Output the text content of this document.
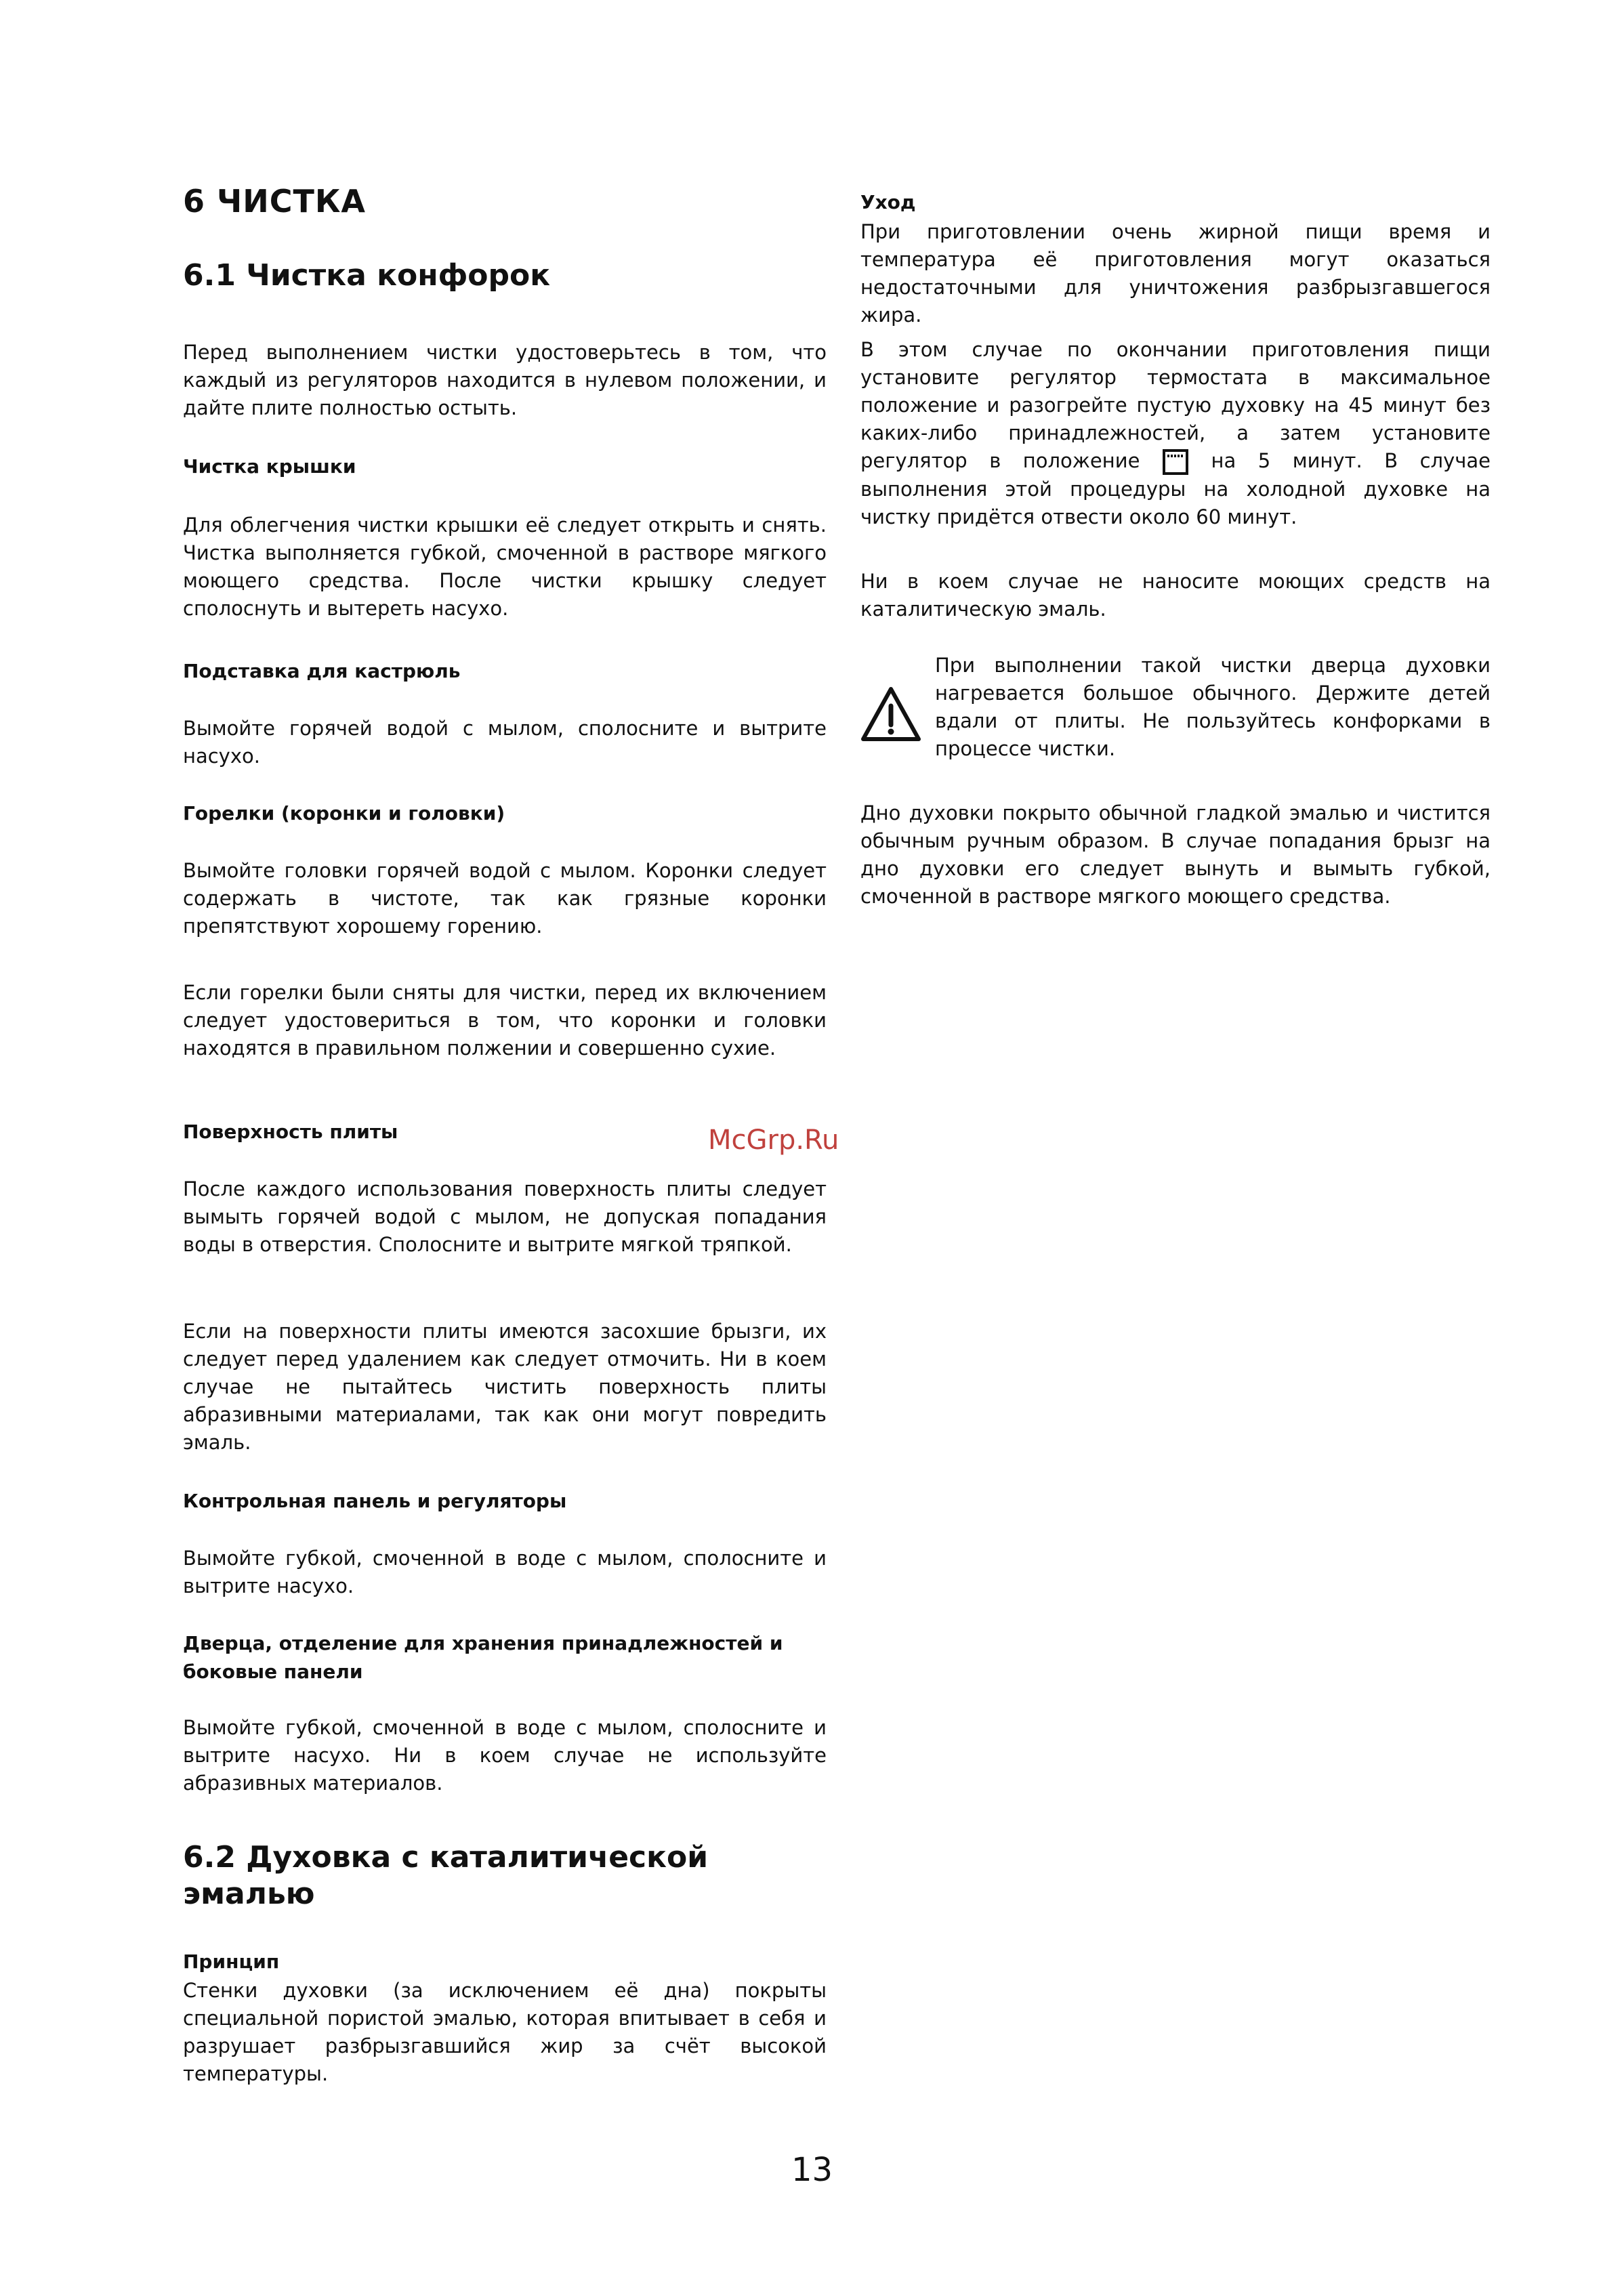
6 ЧИСТКА
6.1 Чистка конфорок

Перед выполнением чистки удостоверьтесь в том, что каждый из регуляторов находится в нулевом положении, и дайте плите полностью остыть.

Чистка крышки

Для облегчения чистки крышки её следует открыть и снять. Чистка выполняется губкой, смоченной в растворе мягкого моющего средства. После чистки крышку следует сполоснуть и вытереть насухо.

Подставка для кастрюль

Вымойте горячей водой с мылом, сполосните и вытрите насухо.

Горелки (коронки и головки)

Вымойте головки горячей водой с мылом. Коронки следует содержать в чистоте, так как грязные коронки препятствуют хорошему горению.

Если горелки были сняты для чистки, перед их включением следует удостовериться в том, что коронки и головки находятся в правильном полжении и совершенно сухие.

Поверхность плиты

После каждого использования поверхность плиты следует вымыть горячей водой с мылом, не допуская попадания воды в отверстия. Сполосните и вытрите мягкой тряпкой.

Если на поверхности плиты имеются засохшие брызги, их следует перед удалением как следует отмочить. Ни в коем случае не пытайтесь чистить поверхность плиты абразивными материалами, так как они могут повредить эмаль.

Контрольная панель и регуляторы

Вымойте губкой, смоченной в воде с мылом, сполосните и вытрите насухо.

Дверца, отделение для хранения принадлежностей и боковые панели

Вымойте губкой, смоченной в воде с мылом, сполосните и вытрите насухо. Ни в коем случае не используйте абразивных материалов.

6.2 Духовка с каталитической эмалью
Принцип

Стенки духовки (за исключением её дна) покрыты специальной пористой эмалью, которая впитывает в себя и разрушает разбрызгавшийся жир за счёт высокой температуры.

Уход

При приготовлении очень жирной пищи время и температура её приготовления могут оказаться недостаточными для уничтожения разбрызгавшегося жира.

В этом случае по окончании приготовления пищи установите регулятор термостата в максимальное положение и разогрейте пустую духовку на 45 минут без каких-либо принадлежностей, а затем установите регулятор в положение	на 5 минут. В случае выполнения этой процедуры на холодной духовке на чистку придётся отвести около 60 минут.

Ни в коем случае не наносите моющих средств на каталитическую эмаль.

При выполнении такой чистки дверца духовки нагревается большое обычного. Держите детей вдали от плиты. Не пользуйтесь конфорками в процессе чистки.

Дно духовки покрыто обычной гладкой эмалью и чистится обычным ручным образом. В случае попадания брызг на дно духовки его следует вынуть и вымыть губкой, смоченной в растворе мягкого моющего средства.

McGrp.Ru
13
